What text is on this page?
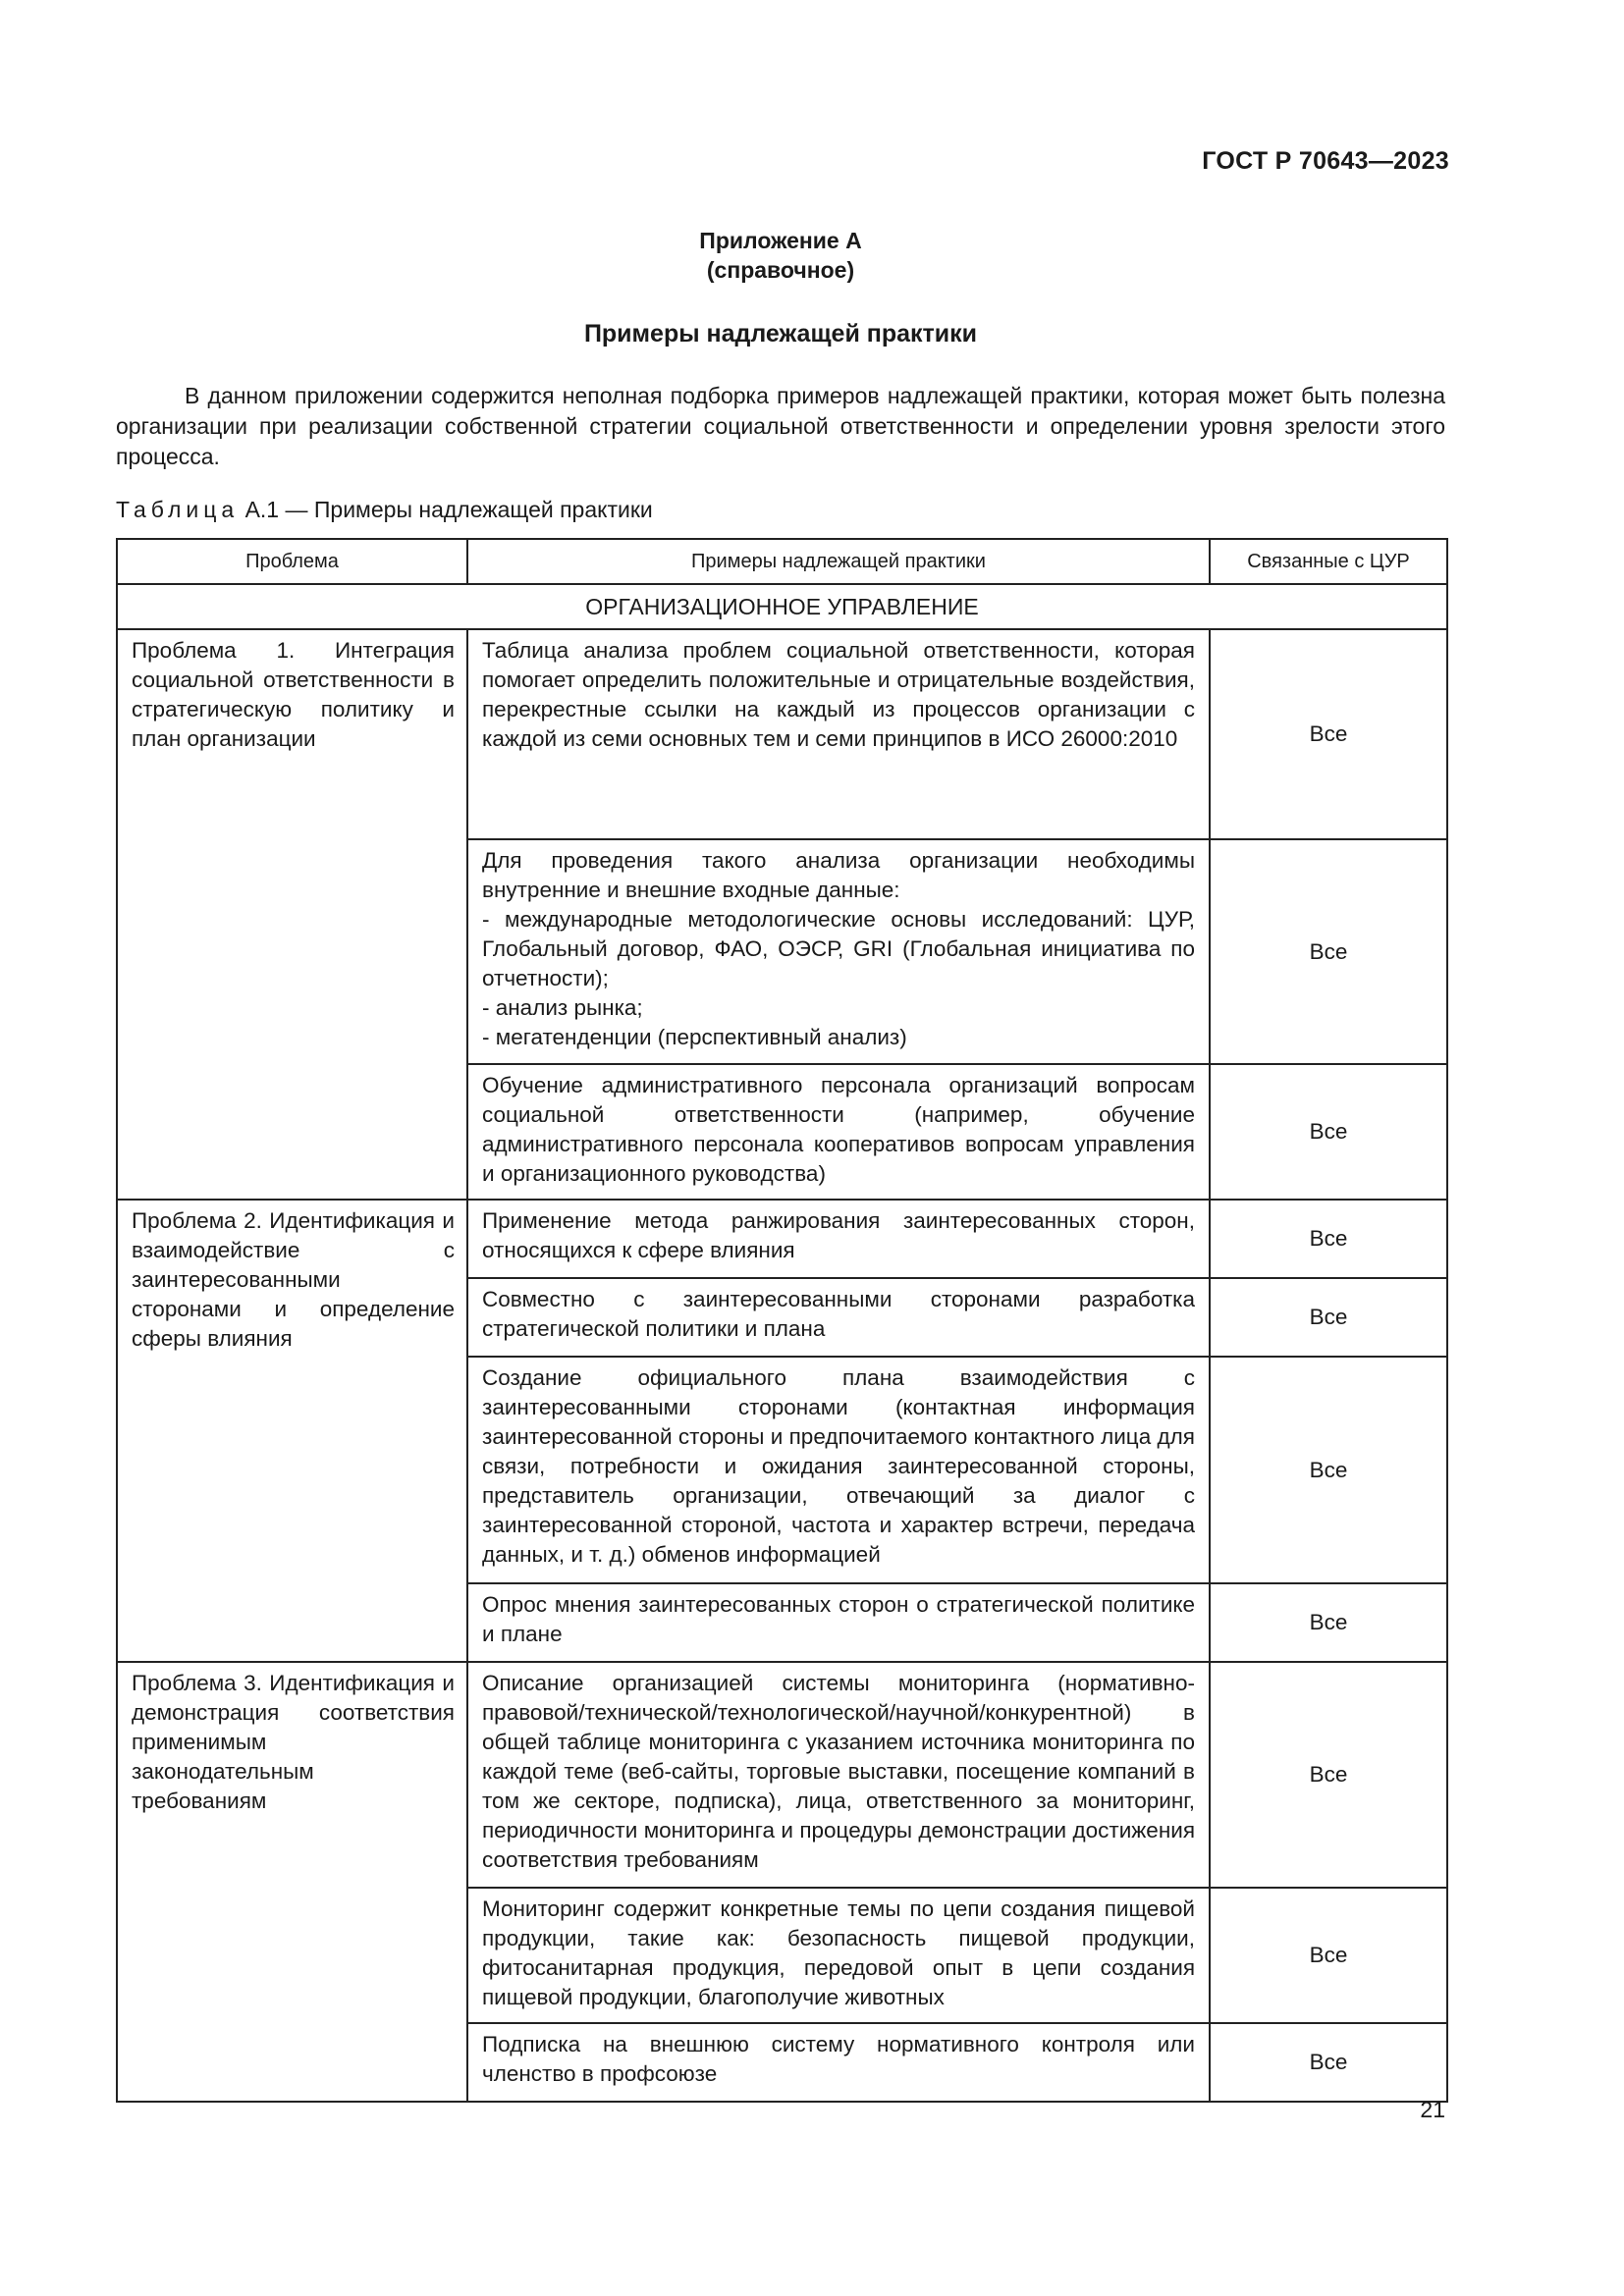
ГОСТ Р 70643—2023
Приложение А
(справочное)
Примеры надлежащей практики

В данном приложении содержится неполная подборка примеров надлежащей практики, которая может быть полезна организации при реализации собственной стратегии социальной ответственности и определении уровня зрелости этого процесса.

Таблица А.1 — Примеры надлежащей практики
Проблема	Примеры надлежащей практики	Связанные с ЦУР
ОРГАНИЗАЦИОННОЕ УПРАВЛЕНИЕ		
Проблема 1. Интеграция социальной ответственности в стратегическую политику и план организации	Таблица анализа проблем социальной ответственности, которая помогает определить положительные и отрицательные воздействия, перекрестные ссылки на каждый из процессов организации с каждой из семи основных тем и семи принципов в ИСО 26000:2010	Все
	Для проведения такого анализа организации необходимы внутренние и внешние входные данные:
- международные методологические основы исследований: ЦУР, Глобальный договор, ФАО, ОЭСР, GRI (Глобальная инициатива по отчетности);
- анализ рынка;
- мегатенденции (перспективный анализ)	Все
	Обучение административного персонала организаций вопросам социальной ответственности (например, обучение административного персонала кооперативов вопросам управления и организационного руководства)	Все
Проблема 2. Идентификация и взаимодействие с заинтересованными сторонами и определение сферы влияния	Применение метода ранжирования заинтересованных сторон, относящихся к сфере влияния	Все
	Совместно с заинтересованными сторонами разработка стратегической политики и плана	Все
	Создание официального плана взаимодействия с заинтересованными сторонами (контактная информация заинтересованной стороны и предпочитаемого контактного лица для связи, потребности и ожидания заинтересованной стороны, представитель организации, отвечающий за диалог с заинтересованной стороной, частота и характер встречи, передача данных, и т. д.) обменов информацией	Все
	Опрос мнения заинтересованных сторон о стратегической политике и плане	Все
Проблема 3. Идентификация и демонстрация соответствия применимым законодательным требованиям	Описание организацией системы мониторинга (нормативно-правовой/технической/технологической/научной/конкурентной) в общей таблице мониторинга с указанием источника мониторинга по каждой теме (веб-сайты, торговые выставки, посещение компаний в том же секторе, подписка), лица, ответственного за мониторинг, периодичности мониторинга и процедуры демонстрации достижения соответствия требованиям	Все
	Мониторинг содержит конкретные темы по цепи создания пищевой продукции, такие как: безопасность пищевой продукции, фитосанитарная продукция, передовой опыт в цепи создания пищевой продукции, благополучие животных	Все
	Подписка на внешнюю систему нормативного контроля или членство в профсоюзе	Все
21
